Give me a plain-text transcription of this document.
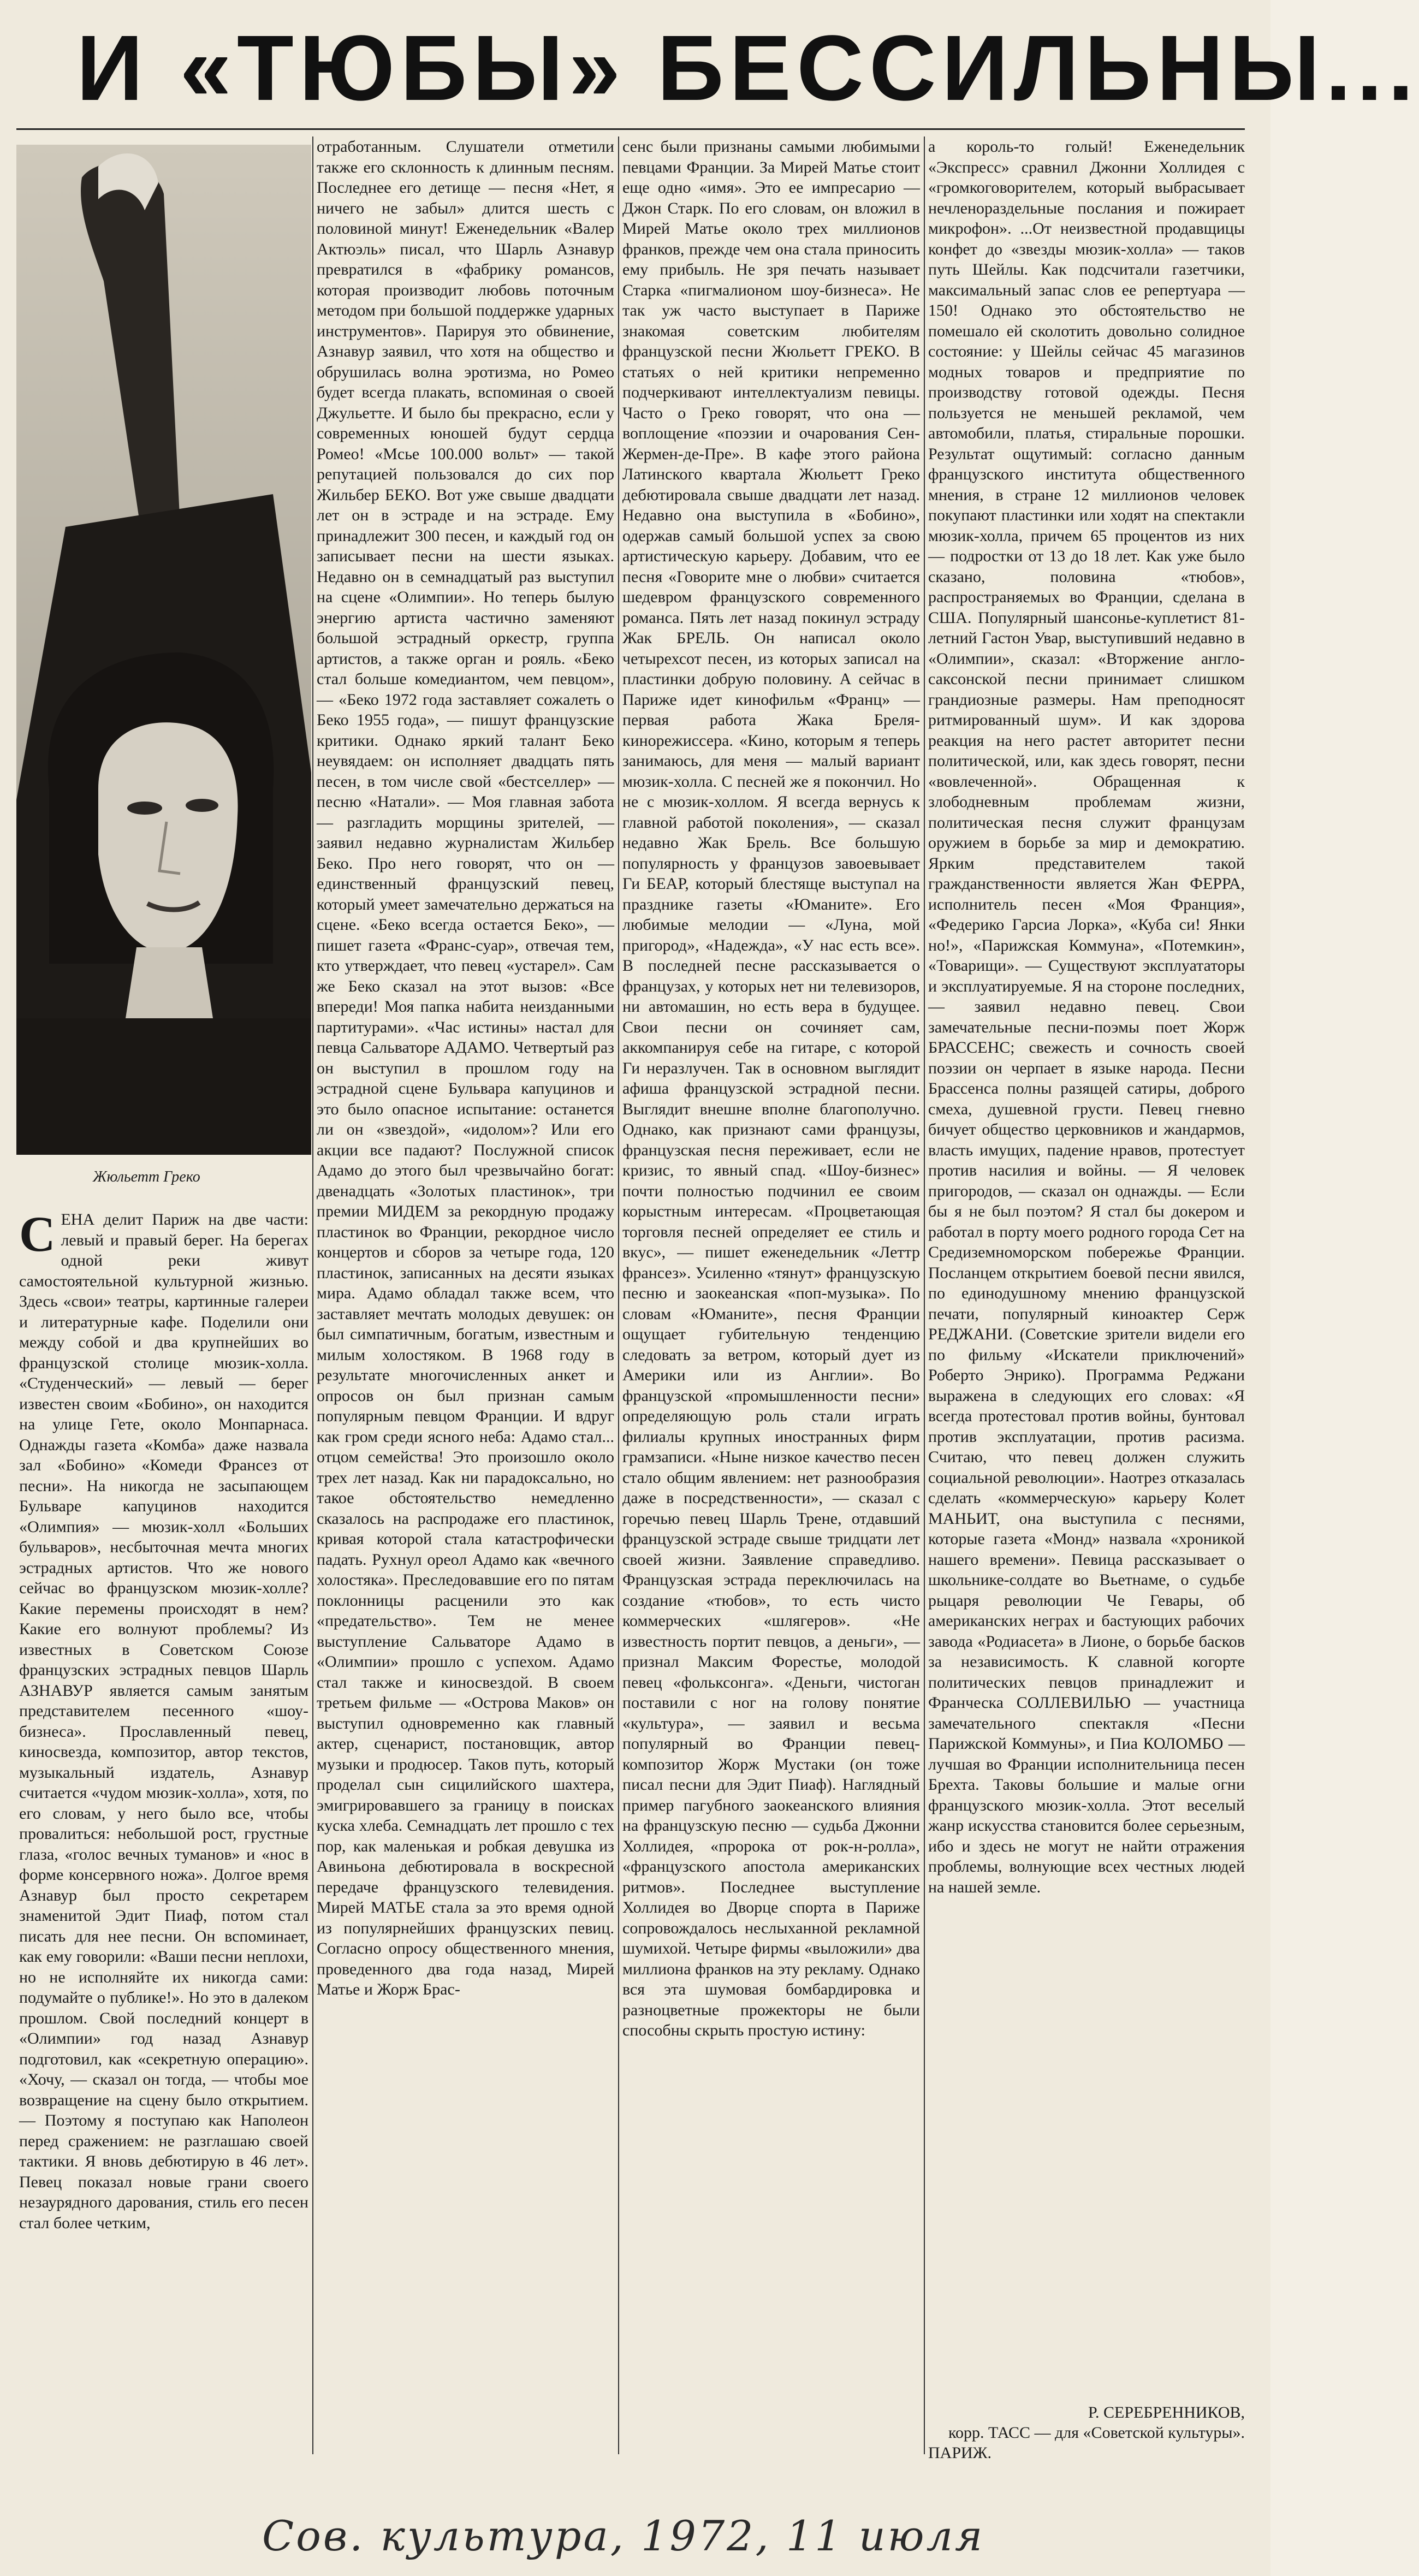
И «ТЮБЫ» БЕССИЛЬНЫ...
Жюльетт Греко

СЕНА делит Париж на две части: левый и правый берег. На берегах одной реки живут самостоятельной культурной жизнью. Здесь «свои» театры, картинные галереи и литературные кафе. Поделили они между собой и два крупнейших во французской столице мюзик-холла. «Студенческий» — левый — берег известен своим «Бобино», он находится на улице Гете, около Монпарнаса. Однажды газета «Комба» даже назвала зал «Бобино» «Комеди Франсез от песни». На никогда не засыпающем Бульваре капуцинов находится «Олимпия» — мюзик-холл «Больших бульваров», несбыточная мечта многих эстрадных артистов. Что же нового сейчас во французском мюзик-холле? Какие перемены происходят в нем? Какие его волнуют проблемы? Из известных в Советском Союзе французских эстрадных певцов Шарль АЗНАВУР является самым занятым представителем песенного «шоу-бизнеса». Прославленный певец, киносвезда, композитор, автор текстов, музыкальный издатель, Азнавур считается «чудом мюзик-холла», хотя, по его словам, у него было все, чтобы провалиться: небольшой рост, грустные глаза, «голос вечных туманов» и «нос в форме консервного ножа». Долгое время Азнавур был просто секретарем знаменитой Эдит Пиаф, потом стал писать для нее песни. Он вспоминает, как ему говорили: «Ваши песни неплохи, но не исполняйте их никогда сами: подумайте о публике!». Но это в далеком прошлом. Свой последний концерт в «Олимпии» год назад Азнавур подготовил, как «секретную операцию». «Хочу, — сказал он тогда, — чтобы мое возвращение на сцену было открытием. — Поэтому я поступаю как Наполеон перед сражением: не разглашаю своей тактики. Я вновь дебютирую в 46 лет». Певец показал новые грани своего незаурядного дарования, стиль его песен стал более четким,

отработанным. Слушатели отметили также его склонность к длинным песням. Последнее его детище — песня «Нет, я ничего не забыл» длится шесть с половиной минут! Еженедельник «Валер Актюэль» писал, что Шарль Азнавур превратился в «фабрику романсов, которая производит любовь поточным методом при большой поддержке ударных инструментов». Парируя это обвинение, Азнавур заявил, что хотя на общество и обрушилась волна эротизма, но Ромео будет всегда плакать, вспоминая о своей Джульетте. И было бы прекрасно, если у современных юношей будут сердца Ромео! «Мсье 100.000 вольт» — такой репутацией пользовался до сих пор Жильбер БЕКО. Вот уже свыше двадцати лет он в эстраде и на эстраде. Ему принадлежит 300 песен, и каждый год он записывает песни на шести языках. Недавно он в семнадцатый раз выступил на сцене «Олимпии». Но теперь былую энергию артиста частично заменяют большой эстрадный оркестр, группа артистов, а также орган и рояль. «Беко стал больше комедиантом, чем певцом», — «Беко 1972 года заставляет сожалеть о Беко 1955 года», — пишут французские критики. Однако яркий талант Беко неувядаем: он исполняет двадцать пять песен, в том числе свой «бестселлер» — песню «Натали». — Моя главная забота — разгладить морщины зрителей, — заявил недавно журналистам Жильбер Беко. Про него говорят, что он — единственный французский певец, который умеет замечательно держаться на сцене. «Беко всегда остается Беко», — пишет газета «Франс-суар», отвечая тем, кто утверждает, что певец «устарел». Сам же Беко сказал на этот вызов: «Все впереди! Моя папка набита неизданными партитурами». «Час истины» настал для певца Сальваторе АДАМО. Четвертый раз он выступил в прошлом году на эстрадной сцене Бульвара капуцинов и это было опасное испытание: останется ли он «звездой», «идолом»? Или его акции все падают? Послужной список Адамо до этого был чрезвычайно богат: двенадцать «Золотых пластинок», три премии МИДЕМ за рекордную продажу пластинок во Франции, рекордное число концертов и сборов за четыре года, 120 пластинок, записанных на десяти языках мира. Адамо обладал также всем, что заставляет мечтать молодых девушек: он был симпатичным, богатым, известным и милым холостяком. В 1968 году в результате многочисленных анкет и опросов он был признан самым популярным певцом Франции. И вдруг как гром среди ясного неба: Адамо стал... отцом семейства! Это произошло около трех лет назад. Как ни парадоксально, но такое обстоятельство немедленно сказалось на распродаже его пластинок, кривая которой стала катастрофически падать. Рухнул ореол Адамо как «вечного холостяка». Преследовавшие его по пятам поклонницы расценили это как «предательство». Тем не менее выступление Сальваторе Адамо в «Олимпии» прошло с успехом. Адамо стал также и киносвездой. В своем третьем фильме — «Острова Маков» он выступил одновременно как главный актер, сценарист, постановщик, автор музыки и продюсер. Таков путь, который проделал сын сицилийского шахтера, эмигрировавшего за границу в поисках куска хлеба. Семнадцать лет прошло с тех пор, как маленькая и робкая девушка из Авиньона дебютировала в воскресной передаче французского телевидения. Мирей МАТЬЕ стала за это время одной из популярнейших французских певиц. Согласно опросу общественного мнения, проведенного два года назад, Мирей Матье и Жорж Брас-

сенс были признаны самыми любимыми певцами Франции. За Мирей Матье стоит еще одно «имя». Это ее импресарио — Джон Старк. По его словам, он вложил в Мирей Матье около трех миллионов франков, прежде чем она стала приносить ему прибыль. Не зря печать называет Старка «пигмалионом шоу-бизнеса». Не так уж часто выступает в Париже знакомая советским любителям французской песни Жюльетт ГРЕКО. В статьях о ней критики непременно подчеркивают интеллектуализм певицы. Часто о Греко говорят, что она — воплощение «поэзии и очарования Сен-Жермен-де-Пре». В кафе этого района Латинского квартала Жюльетт Греко дебютировала свыше двадцати лет назад. Недавно она выступила в «Бобино», одержав самый большой успех за свою артистическую карьеру. Добавим, что ее песня «Говорите мне о любви» считается шедевром французского современного романса. Пять лет назад покинул эстраду Жак БРЕЛЬ. Он написал около четырехсот песен, из которых записал на пластинки добрую половину. А сейчас в Париже идет кинофильм «Франц» — первая работа Жака Бреля-кинорежиссера. «Кино, которым я теперь занимаюсь, для меня — малый вариант мюзик-холла. С песней же я покончил. Но не с мюзик-холлом. Я всегда вернусь к главной работой поколения», — сказал недавно Жак Брель. Все большую популярность у французов завоевывает Ги БЕАР, который блестяще выступал на празднике газеты «Юманите». Его любимые мелодии — «Луна, мой пригород», «Надежда», «У нас есть все». В последней песне рассказывается о французах, у которых нет ни телевизоров, ни автомашин, но есть вера в будущее. Свои песни он сочиняет сам, аккомпанируя себе на гитаре, с которой Ги неразлучен. Так в основном выглядит афиша французской эстрадной песни. Выглядит внешне вполне благополучно. Однако, как признают сами французы, французская песня переживает, если не кризис, то явный спад. «Шоу-бизнес» почти полностью подчинил ее своим корыстным интересам. «Процветающая торговля песней определяет ее стиль и вкус», — пишет еженедельник «Леттр франсез». Усиленно «тянут» французскую песню и заокеанская «поп-музыка». По словам «Юманите», песня Франции ощущает губительную тенденцию следовать за ветром, который дует из Америки или из Англии». Во французской «промышленности песни» определяющую роль стали играть филиалы крупных иностранных фирм грамзаписи. «Ныне низкое качество песен стало общим явлением: нет разнообразия даже в посредственности», — сказал с горечью певец Шарль Трене, отдавший французской эстраде свыше тридцати лет своей жизни. Заявление справедливо. Французская эстрада переключилась на создание «тюбов», то есть чисто коммерческих «шлягеров». «Не известность портит певцов, а деньги», — признал Максим Форестье, молодой певец «фольксонга». «Деньги, чистоган поставили с ног на голову понятие «культура», — заявил и весьма популярный во Франции певец-композитор Жорж Мустаки (он тоже писал песни для Эдит Пиаф). Наглядный пример пагубного заокеанского влияния на французскую песню — судьба Джонни Холлидея, «пророка от рок-н-ролла», «французского апостола американских ритмов». Последнее выступление Холлидея во Дворце спорта в Париже сопровождалось неслыханной рекламной шумихой. Четыре фирмы «выложили» два миллиона франков на эту рекламу. Однако вся эта шумовая бомбардировка и разноцветные прожекторы не были способны скрыть простую истину:

а король-то голый! Еженедельник «Экспресс» сравнил Джонни Холлидея с «громкоговорителем, который выбрасывает нечленораздельные послания и пожирает микрофон». ...От неизвестной продавщицы конфет до «звезды мюзик-холла» — таков путь Шейлы. Как подсчитали газетчики, максимальный запас слов ее репертуара — 150! Однако это обстоятельство не помешало ей сколотить довольно солидное состояние: у Шейлы сейчас 45 магазинов модных товаров и предприятие по производству готовой одежды. Песня пользуется не меньшей рекламой, чем автомобили, платья, стиральные порошки. Результат ощутимый: согласно данным французского института общественного мнения, в стране 12 миллионов человек покупают пластинки или ходят на спектакли мюзик-холла, причем 65 процентов из них — подростки от 13 до 18 лет. Как уже было сказано, половина «тюбов», распространяемых во Франции, сделана в США. Популярный шансонье-куплетист 81-летний Гастон Увар, выступивший недавно в «Олимпии», сказал: «Вторжение англо-саксонской песни принимает слишком грандиозные размеры. Нам преподносят ритмированный шум». И как здорова реакция на него растет авторитет песни политической, или, как здесь говорят, песни «вовлеченной». Обращенная к злободневным проблемам жизни, политическая песня служит французам оружием в борьбе за мир и демократию. Ярким представителем такой гражданственности является Жан ФЕРРА, исполнитель песен «Моя Франция», «Федерико Гарсиа Лорка», «Куба си! Янки но!», «Парижская Коммуна», «Потемкин», «Товарищи». — Существуют эксплуататоры и эксплуатируемые. Я на стороне последних, — заявил недавно певец. Свои замечательные песни-поэмы поет Жорж БРАССЕНС; свежесть и сочность своей поэзии он черпает в языке народа. Песни Брассенса полны разящей сатиры, доброго смеха, душевной грусти. Певец гневно бичует общество церковников и жандармов, власть имущих, падение нравов, протестует против насилия и войны. — Я человек пригородов, — сказал он однажды. — Если бы я не был поэтом? Я стал бы докером и работал в порту моего родного города Сет на Средиземноморском побережье Франции. Посланцем открытием боевой песни явился, по единодушному мнению французской печати, популярный киноактер Серж РЕДЖАНИ. (Советские зрители видели его по фильму «Искатели приключений» Роберто Энрико). Программа Реджани выражена в следующих его словах: «Я всегда протестовал против войны, бунтовал против эксплуатации, против расизма. Считаю, что певец должен служить социальной революции». Наотрез отказалась сделать «коммерческую» карьеру Колет МАНЬИТ, она выступила с песнями, которые газета «Монд» назвала «хроникой нашего времени». Певица рассказывает о школьнике-солдате во Вьетнаме, о судьбе рыцаря революции Че Гевары, об американских неграх и бастующих рабочих завода «Родиасета» в Лионе, о борьбе басков за независимость. К славной когорте политических певцов принадлежит и Франческа СОЛЛЕВИЛЬЮ — участница замечательного спектакля «Песни Парижской Коммуны», и Пиа КОЛОМБО — лучшая во Франции исполнительница песен Брехта. Таковы большие и малые огни французского мюзик-холла. Этот веселый жанр искусства становится более серьезным, ибо и здесь не могут не найти отражения проблемы, волнующие всех честных людей на нашей земле.

Р. СЕРЕБРЕННИКОВ,
корр. ТАСС — для «Советской культуры».
ПАРИЖ.
Сов. культура, 1972, 11 июля
